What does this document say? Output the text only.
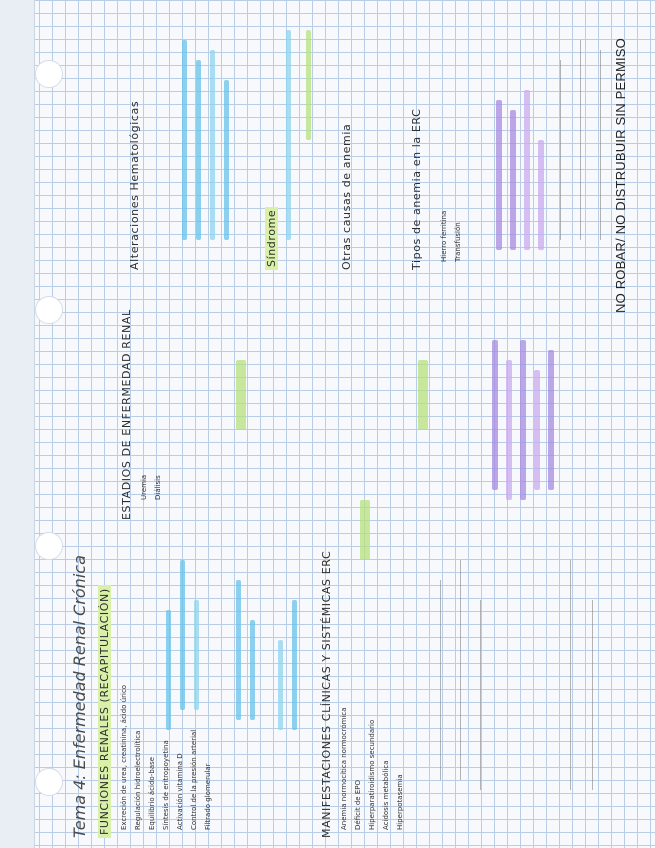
NO ROBAR/ NO DISTRUBUIR SIN PERMISO
Tema 4: Enfermedad Renal Crónica FUNCIONES RENALES (RECAPITULACIÓN) Excreción de urea, creatinina, ácido úrico Regulación hidroelectrolítica Equilibrio ácido-base Síntesis de eritropoyetina Activación vitamina D Control de la presión arterial Filtrado glomerular	MANIFESTACIONES CLÍNICAS Y SISTÉMICAS ERC Anemia normocítica normocrómica Déficit de EPO Hiperparatiroidismo secundario Acidosis metabólica Hiperpotasemia
ESTADIOS DE ENFERMEDAD RENAL Uremia Diálisis
Alteraciones Hematológicas	Síndrome	Otras causas de anemia	Tipos de anemia en la ERC Hierro ferritina Transfusión
